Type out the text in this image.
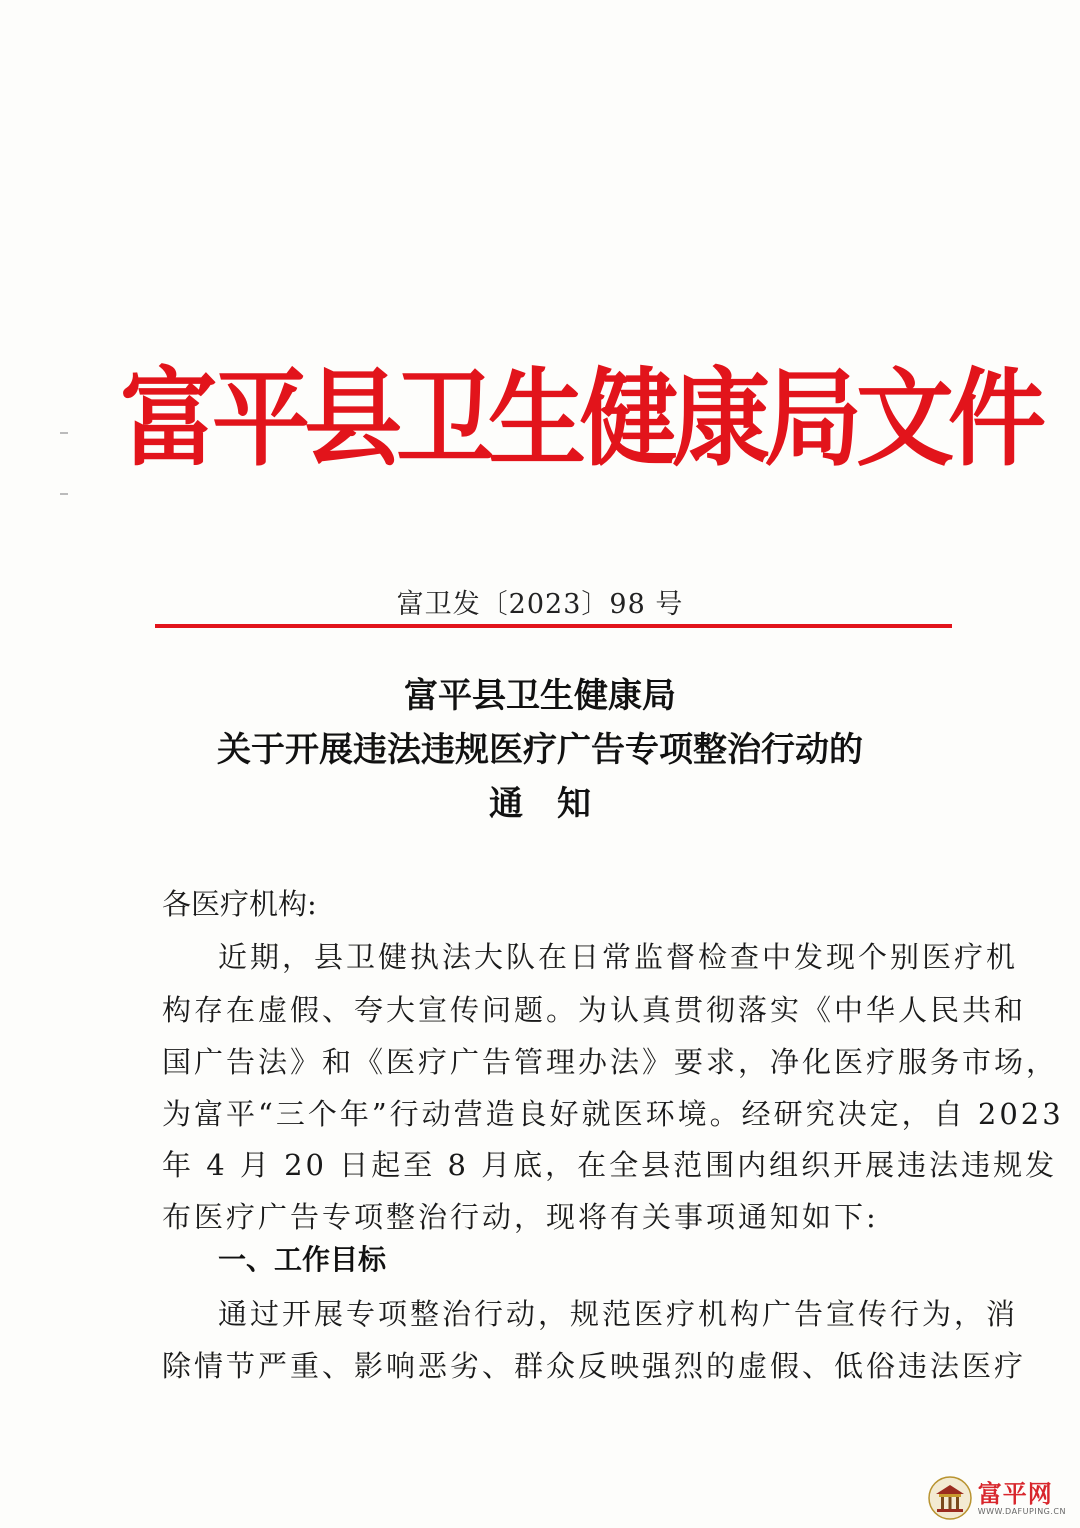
富平县卫生健康局文件
富卫发〔2023〕98 号
富平县卫生健康局
关于开展违法违规医疗广告专项整治行动的
通　知
各医疗机构:
近期，县卫健执法大队在日常监督检查中发现个别医疗机
构存在虚假、夸大宣传问题。为认真贯彻落实《中华人民共和
国广告法》和《医疗广告管理办法》要求，净化医疗服务市场，
为富平“三个年”行动营造良好就医环境。经研究决定，自 2023
年 4 月 20 日起至 8 月底，在全县范围内组织开展违法违规发
布医疗广告专项整治行动，现将有关事项通知如下:
一、工作目标
通过开展专项整治行动，规范医疗机构广告宣传行为，消
除情节严重、影响恶劣、群众反映强烈的虚假、低俗违法医疗
富平网
WWW.DAFUPING.CN
